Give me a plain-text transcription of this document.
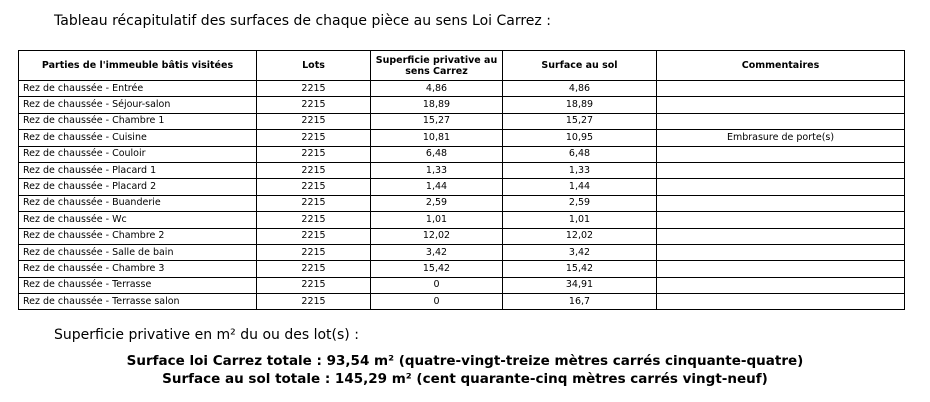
Tableau récapitulatif des surfaces de chaque pièce au sens Loi Carrez :
Parties de l'immeuble bâtis visitées	Lots	Superficie privative au sens Carrez	Surface au sol	Commentaires
Rez de chaussée - Entrée	2215	4,86	4,86	
Rez de chaussée - Séjour-salon	2215	18,89	18,89	
Rez de chaussée - Chambre 1	2215	15,27	15,27	
Rez de chaussée - Cuisine	2215	10,81	10,95	Embrasure de porte(s)
Rez de chaussée - Couloir	2215	6,48	6,48	
Rez de chaussée - Placard 1	2215	1,33	1,33	
Rez de chaussée - Placard 2	2215	1,44	1,44	
Rez de chaussée - Buanderie	2215	2,59	2,59	
Rez de chaussée - Wc	2215	1,01	1,01	
Rez de chaussée - Chambre 2	2215	12,02	12,02	
Rez de chaussée - Salle de bain	2215	3,42	3,42	
Rez de chaussée - Chambre 3	2215	15,42	15,42	
Rez de chaussée - Terrasse	2215	0	34,91	
Rez de chaussée - Terrasse salon	2215	0	16,7	
Superficie privative en m² du ou des lot(s) :
Surface loi Carrez totale : 93,54 m² (quatre-vingt-treize mètres carrés cinquante-quatre)
Surface au sol totale : 145,29 m² (cent quarante-cinq mètres carrés vingt-neuf)
